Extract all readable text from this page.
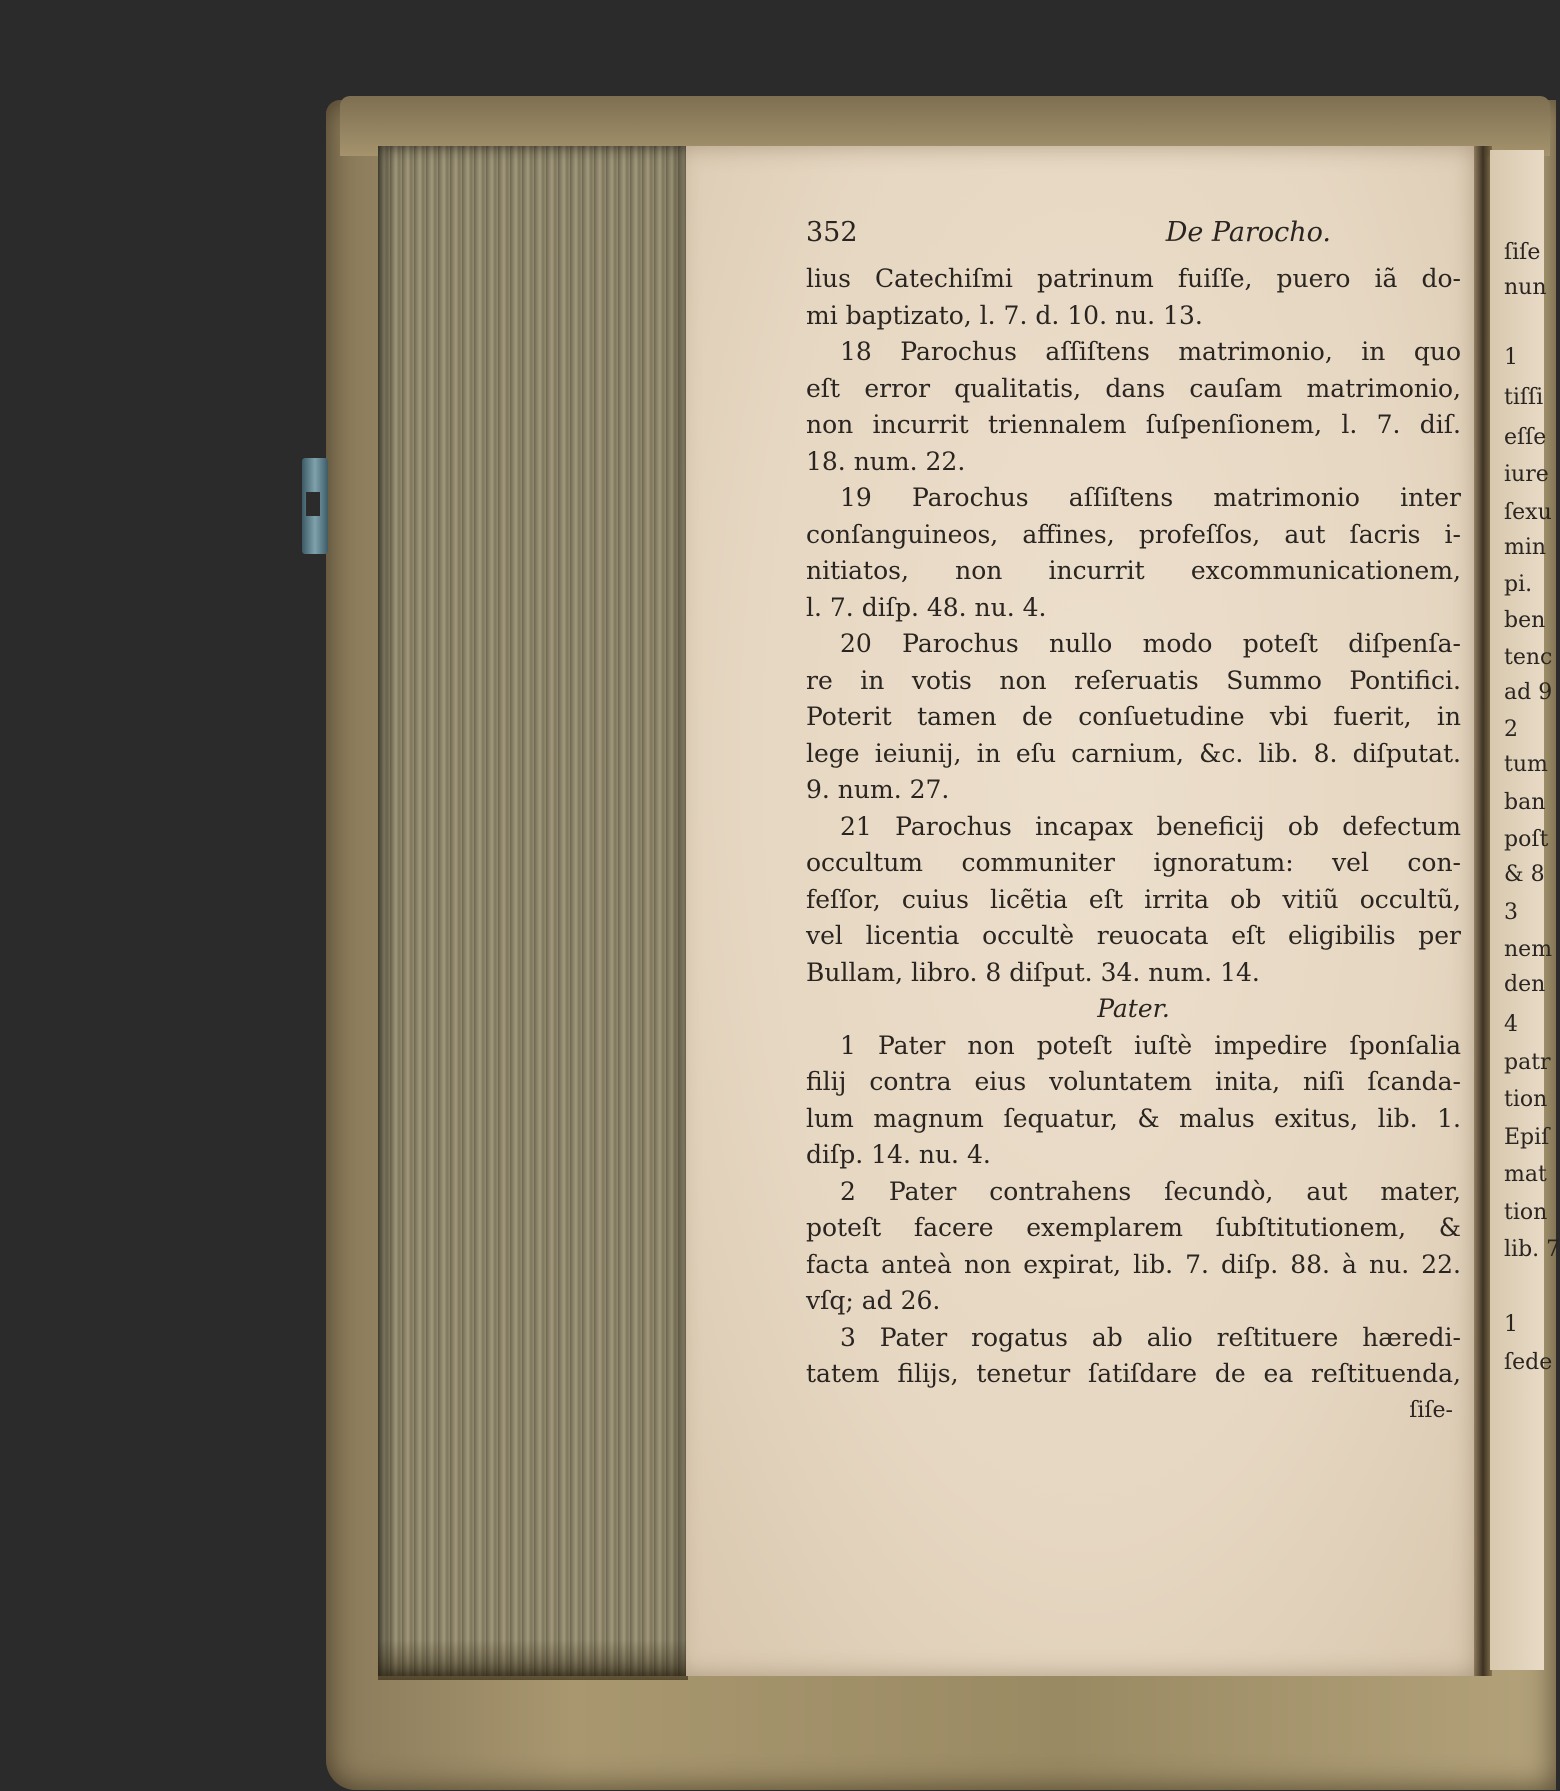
352	De Parocho.
lius Catechiſmi patrinum fuiſſe, puero iã do-
mi baptizato, l. 7. d. 10. nu. 13.
18 Parochus aſſiſtens matrimonio, in quo
eſt error qualitatis, dans cauſam matrimonio,
non incurrit triennalem ſuſpenſionem, l. 7. diſ.
18. num. 22.
19 Parochus aſſiſtens matrimonio inter
conſanguineos, affines, profeſſos, aut ſacris i-
nitiatos, non incurrit excommunicationem,
l. 7. diſp. 48. nu. 4.
20 Parochus nullo modo poteſt diſpenſa-
re in votis non reſeruatis Summo Pontifici.
Poterit tamen de conſuetudine vbi fuerit, in
lege ieiunij, in eſu carnium, &c. lib. 8. diſputat.
9. num. 27.
21 Parochus incapax beneficij ob defectum
occultum communiter ignoratum: vel con-
feſſor, cuius licẽtia eſt irrita ob vitiũ occultũ,
vel licentia occultè reuocata eſt eligibilis per
Bullam, libro. 8 diſput. 34. num. 14.
Pater.
1 Pater non poteſt iuſtè impedire ſponſalia
filij contra eius voluntatem inita, niſi ſcanda-
lum magnum ſequatur, & malus exitus, lib. 1.
diſp. 14. nu. 4.
2 Pater contrahens ſecundò, aut mater,
poteſt facere exemplarem ſubſtitutionem, &
facta anteà non expirat, lib. 7. diſp. 88. à nu. 22.
vſq; ad 26.
3 Pater rogatus ab alio reſtituere hæredi-
tatem filijs, tenetur ſatiſdare de ea reſtituenda,
ſiſe-
ſiſe
nun
1
tiſſi
eſſe
iure
ſexu
min
pi.
ben
tenc
ad 9
2
tum
ban
poſt
& 8
3
nem
den
4
patr
tion
Epiſ
mat
tion
lib. 7
1
ſede
